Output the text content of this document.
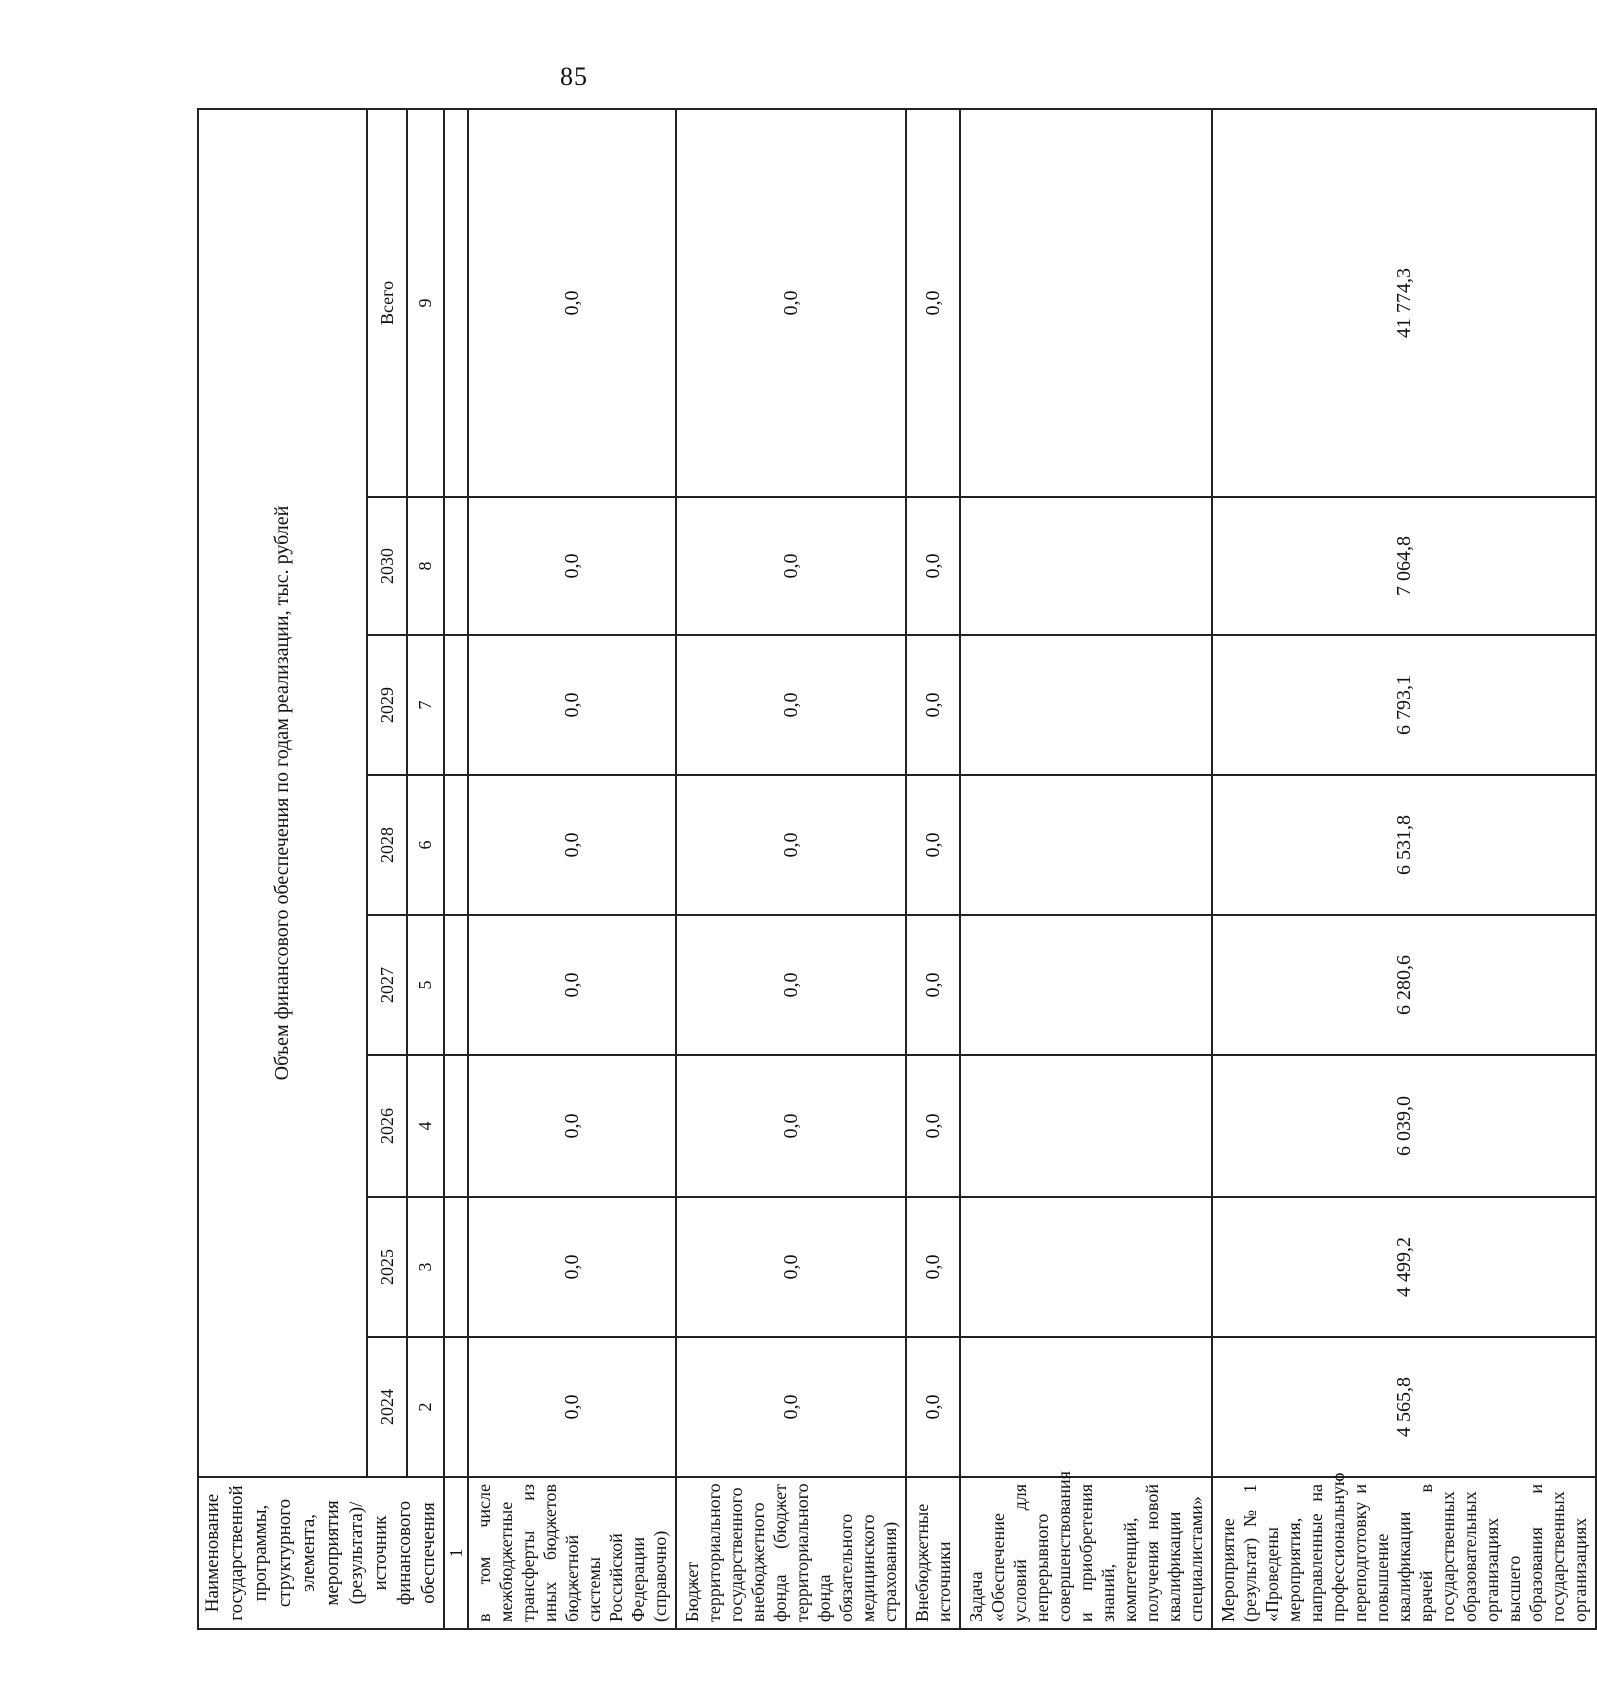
85
Наименование государственной программы, структурного элемента, мероприятия (результата)/источник финансового обеспечения	Объем финансового обеспечения по годам реализации, тыс. рублей							
	2024	2025	2026	2027	2028	2029	2030	Всего
	2	3	4	5	6	7	8	9
1								
в том числе межбюджетные трансферты из иных бюджетов бюджетной системы Российской Федерации (справочно)	0,0	0,0	0,0	0,0	0,0	0,0	0,0	0,0
Бюджет территориального государственного внебюджетного фонда (бюджет территориального фонда обязательного медицинского страхования)	0,0	0,0	0,0	0,0	0,0	0,0	0,0	0,0
Внебюджетные источники	0,0	0,0	0,0	0,0	0,0	0,0	0,0	0,0
Задача «Обеспечение условий для непрерывного совершенствования и приобретения знаний, компетенций, получения новой квалификации специалистами»								
Мероприятие (результат) № 1 «Проведены мероприятия, направленные на профессиональную переподготовку и повышение квалификации врачей в государственных образовательных организациях высшего образования и государственных организациях	4 565,8	4 499,2	6 039,0	6 280,6	6 531,8	6 793,1	7 064,8	41 774,3
